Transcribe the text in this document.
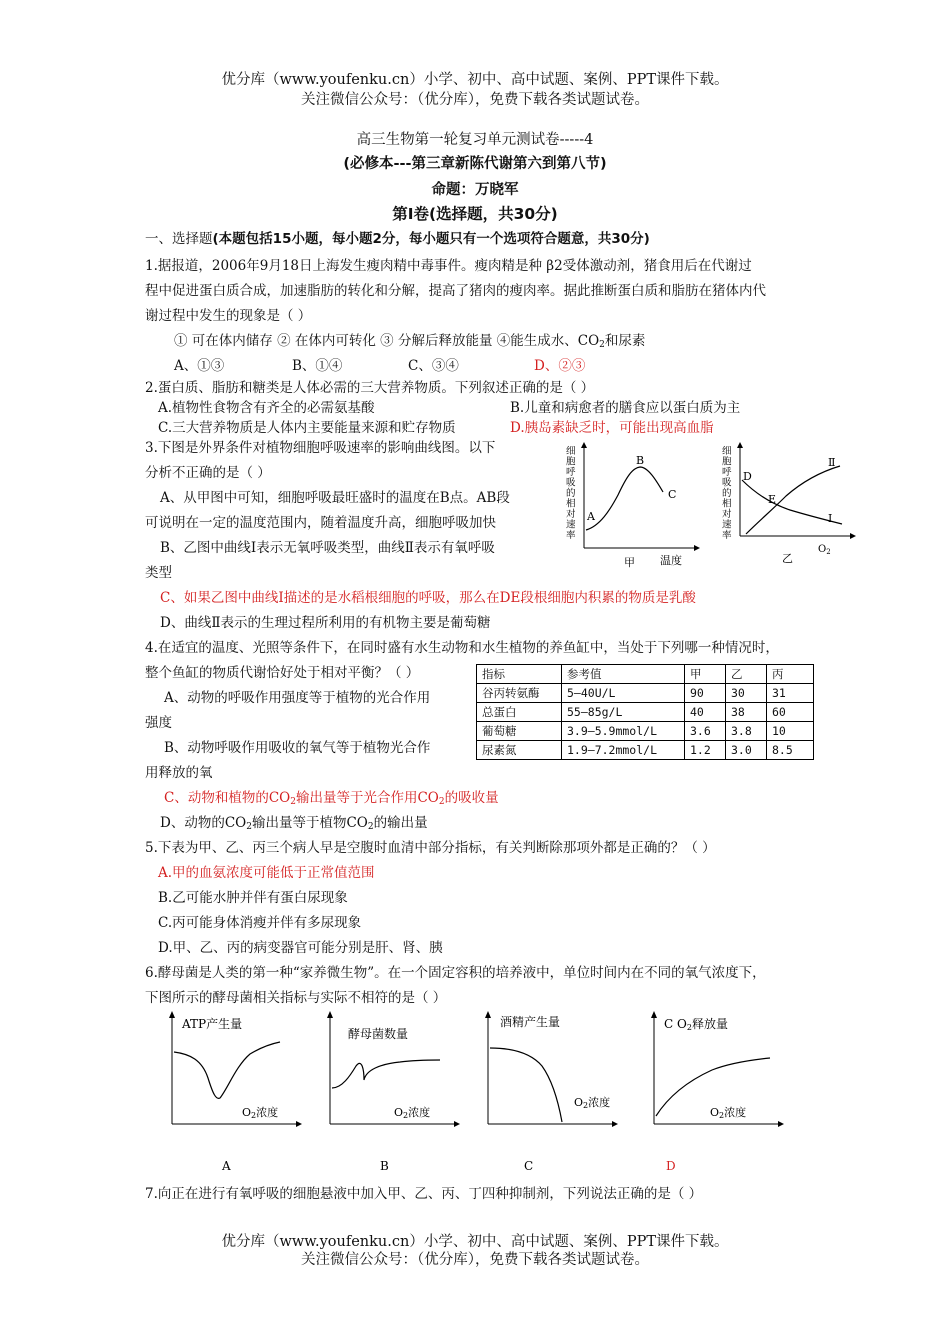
优分库（www.youfenku.cn）小学、初中、高中试题、案例、PPT课件下载。
关注微信公众号：（优分库），免费下载各类试题试卷。
高三生物第一轮复习单元测试卷-----4
(必修本---第三章新陈代谢第六到第八节)
命题：万晓军
第Ⅰ卷(选择题，共30分)
一、选择题(本题包括15小题，每小题2分，每小题只有一个选项符合题意，共30分)
1.据报道，2006年9月18日上海发生瘦肉精中毒事件。瘦肉精是种 β2受体激动剂，猪食用后在代谢过
程中促进蛋白质合成，加速脂肪的转化和分解，提高了猪肉的瘦肉率。据此推断蛋白质和脂肪在猪体内代
谢过程中发生的现象是（ ）
① 可在体内储存 ② 在体内可转化 ③ 分解后释放能量 ④能生成水、$CO_2$和尿素
A、①③	B、①④	C、③④	D、②③
2.蛋白质、脂肪和糖类是人体必需的三大营养物质。下列叙述正确的是（ ）
A.植物性食物含有齐全的必需氨基酸	B.儿童和病愈者的膳食应以蛋白质为主
C.三大营养物质是人体内主要能量来源和贮存物质	D.胰岛素缺乏时，可能出现高血脂
3.下图是外界条件对植物细胞呼吸速率的影响曲线图。以下
分析不正确的是（ ）
A、从甲图中可知，细胞呼吸最旺盛时的温度在B点。AB段
可说明在一定的温度范围内，随着温度升高，细胞呼吸加快
B、乙图中曲线Ⅰ表示无氧呼吸类型，曲线Ⅱ表示有氧呼吸
类型
C、如果乙图中曲线Ⅰ描述的是水稻根细胞的呼吸，那么在DE段根细胞内积累的物质是乳酸
D、曲线Ⅱ表示的生理过程所利用的有机物主要是葡萄糖
细
胞
呼
吸
的
相
对
速
率
A
B
C
温度
甲
细
胞
呼
吸
的
相
对
速
率
D
E
Ⅱ
Ⅰ
乙
$O_2$
4.在适宜的温度、光照等条件下，在同时盛有水生动物和水生植物的养鱼缸中，当处于下列哪一种情况时，
整个鱼缸的物质代谢恰好处于相对平衡？（ ）
A、动物的呼吸作用强度等于植物的光合作用
强度
B、动物呼吸作用吸收的氧气等于植物光合作
用释放的氧
C、动物和植物的$CO_2$输出量等于光合作用$CO_2$的吸收量
D、动物的$CO_2$输出量等于植物$CO_2$的输出量
指标	参考值	甲	乙	丙
谷丙转氨酶	5—40U/L	90	30	31
总蛋白	55—85g/L	40	38	60
葡萄糖	3.9—5.9mmol/L	3.6	3.8	10
尿素氮	1.9—7.2mmol/L	1.2	3.0	8.5
5.下表为甲、乙、丙三个病人早是空腹时血清中部分指标，有关判断除那项外都是正确的？（ ）
A.甲的血氨浓度可能低于正常值范围
B.乙可能水肿并伴有蛋白尿现象
C.丙可能身体消瘦并伴有多尿现象
D.甲、乙、丙的病变器官可能分别是肝、肾、胰
6.酵母菌是人类的第一种“家养微生物”。在一个固定容积的培养液中，单位时间内在不同的氧气浓度下，
下图所示的酵母菌相关指标与实际不相符的是（ ）
ATP产生量
O2浓度
A
酵母菌数量
O2浓度
B
酒精产生量
O2浓度
C
C O2释放量
O2浓度
D
7.向正在进行有氧呼吸的细胞悬液中加入甲、乙、丙、丁四种抑制剂，下列说法正确的是（ ）
优分库（www.youfenku.cn）小学、初中、高中试题、案例、PPT课件下载。
关注微信公众号：（优分库），免费下载各类试题试卷。
